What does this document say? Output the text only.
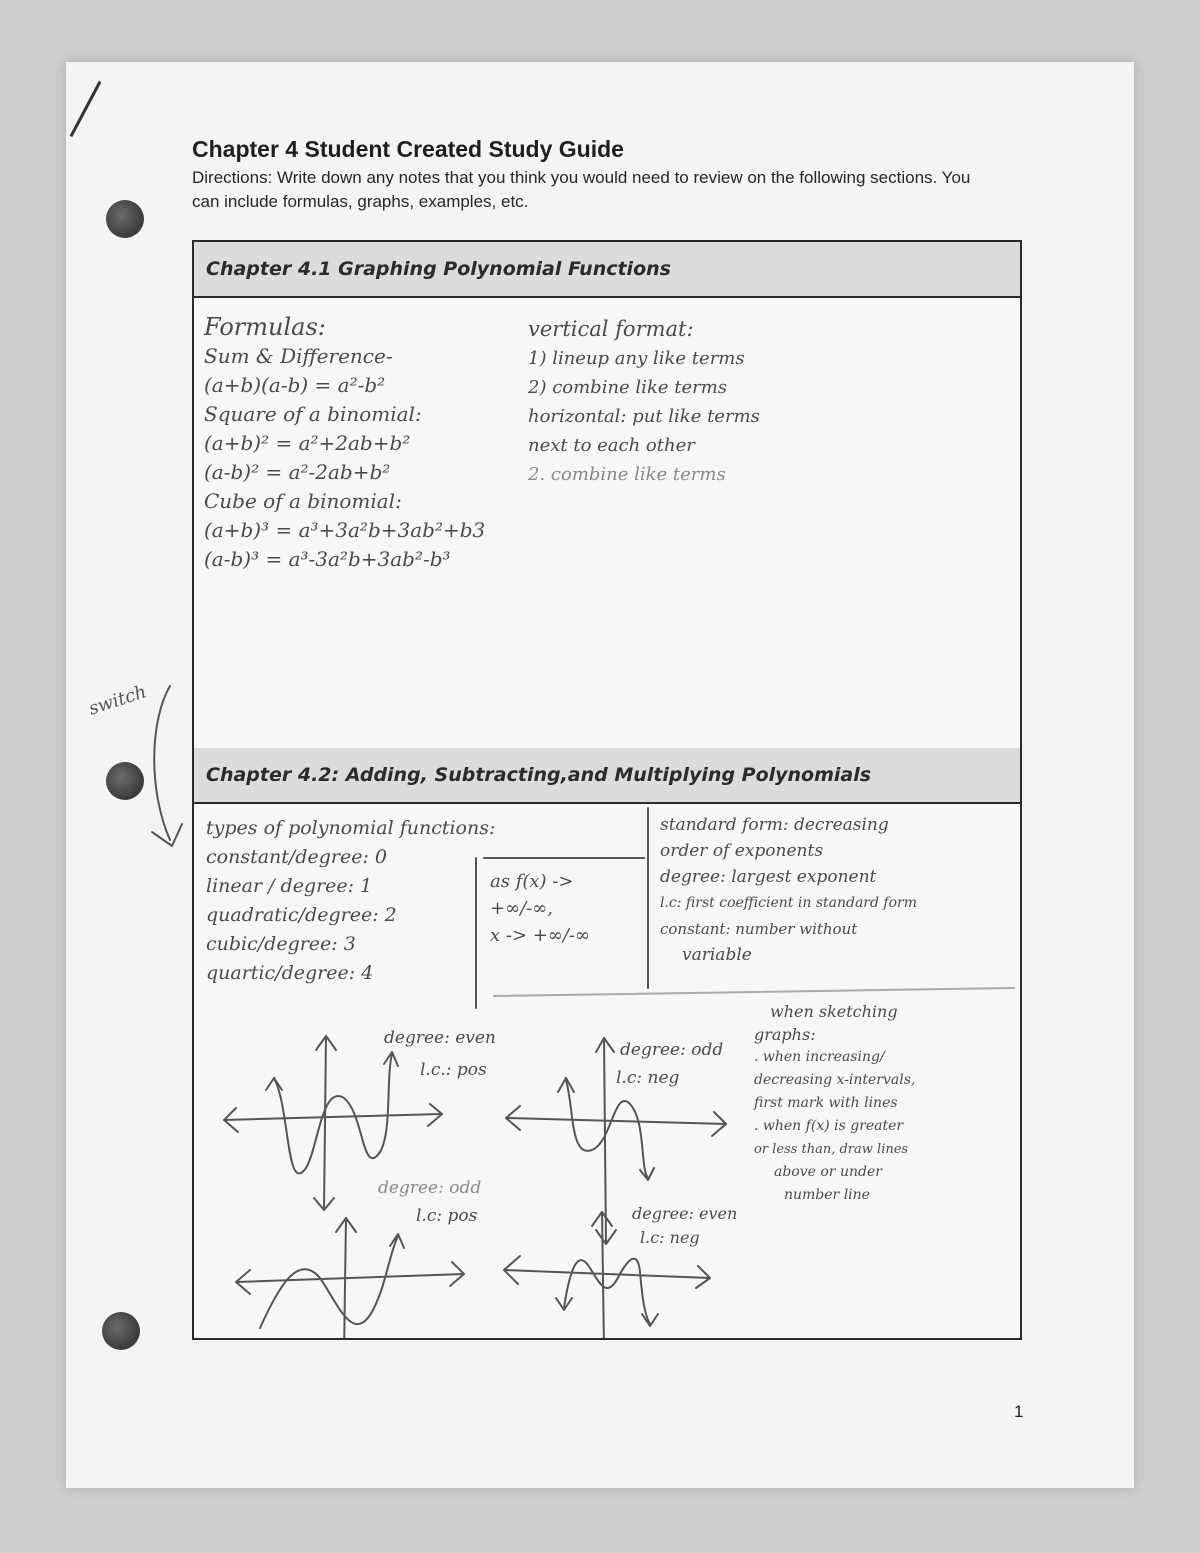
Chapter 4 Student Created Study Guide
Directions: Write down any notes that you think you would need to review on the following sections. You can include formulas, graphs, examples, etc.
switch
Chapter 4.1 Graphing Polynomial Functions
Formulas:
Sum & Difference-
(a+b)(a-b) = a²-b²
Square of a binomial:
(a+b)² = a²+2ab+b²
(a-b)² = a²-2ab+b²
Cube of a binomial:
(a+b)³ = a³+3a²b+3ab²+b3
(a-b)³ = a³-3a²b+3ab²-b³
vertical format:
1) lineup any like terms
2) combine like terms
horizontal: put like terms
next to each other
2. combine like terms
Chapter 4.2: Adding, Subtracting,and Multiplying Polynomials
types of polynomial functions:
constant/degree: 0
linear / degree: 1
quadratic/degree: 2
cubic/degree: 3
quartic/degree: 4
as f(x) ->
+∞/-∞,
x -> +∞/-∞
standard form: decreasing
order of exponents
degree: largest exponent
l.c: first coefficient in standard form
constant: number without
variable
when sketching
graphs:
. when increasing/
decreasing x-intervals,
first mark with lines
. when f(x) is greater
or less than, draw lines
above or under
number line
degree: even
l.c.: pos
degree: odd
l.c: neg
degree: odd
l.c: pos	degree: even
l.c: neg
1
